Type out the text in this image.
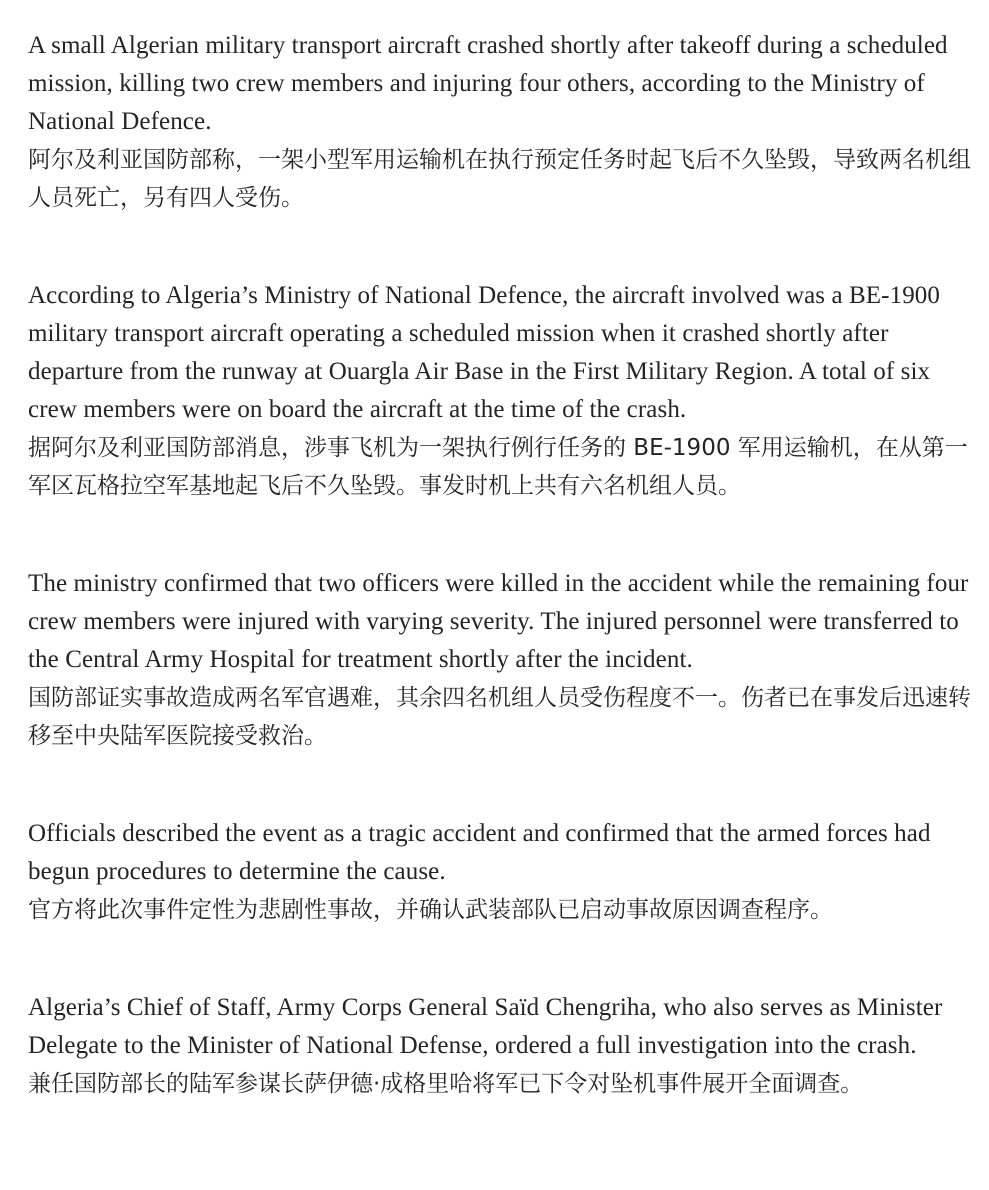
A small Algerian military transport aircraft crashed shortly after takeoff during a scheduled mission, killing two crew members and injuring four others, according to the Ministry of National Defence.

阿尔及利亚国防部称，一架小型军用运输机在执行预定任务时起飞后不久坠毁，导致两名机组人员死亡，另有四人受伤。

According to Algeria’s Ministry of National Defence, the aircraft involved was a BE-1900 military transport aircraft operating a scheduled mission when it crashed shortly after departure from the runway at Ouargla Air Base in the First Military Region. A total of six crew members were on board the aircraft at the time of the crash.

据阿尔及利亚国防部消息，涉事飞机为一架执行例行任务的 BE-1900 军用运输机，在从第一军区瓦格拉空军基地起飞后不久坠毁。事发时机上共有六名机组人员。

The ministry confirmed that two officers were killed in the accident while the remaining four crew members were injured with varying severity. The injured personnel were transferred to the Central Army Hospital for treatment shortly after the incident.

国防部证实事故造成两名军官遇难，其余四名机组人员受伤程度不一。伤者已在事发后迅速转移至中央陆军医院接受救治。

Officials described the event as a tragic accident and confirmed that the armed forces had begun procedures to determine the cause.

官方将此次事件定性为悲剧性事故，并确认武装部队已启动事故原因调查程序。

Algeria’s Chief of Staff, Army Corps General Saïd Chengriha, who also serves as Minister Delegate to the Minister of National Defense, ordered a full investigation into the crash.

兼任国防部长的陆军参谋长萨伊德·成格里哈将军已下令对坠机事件展开全面调查。
